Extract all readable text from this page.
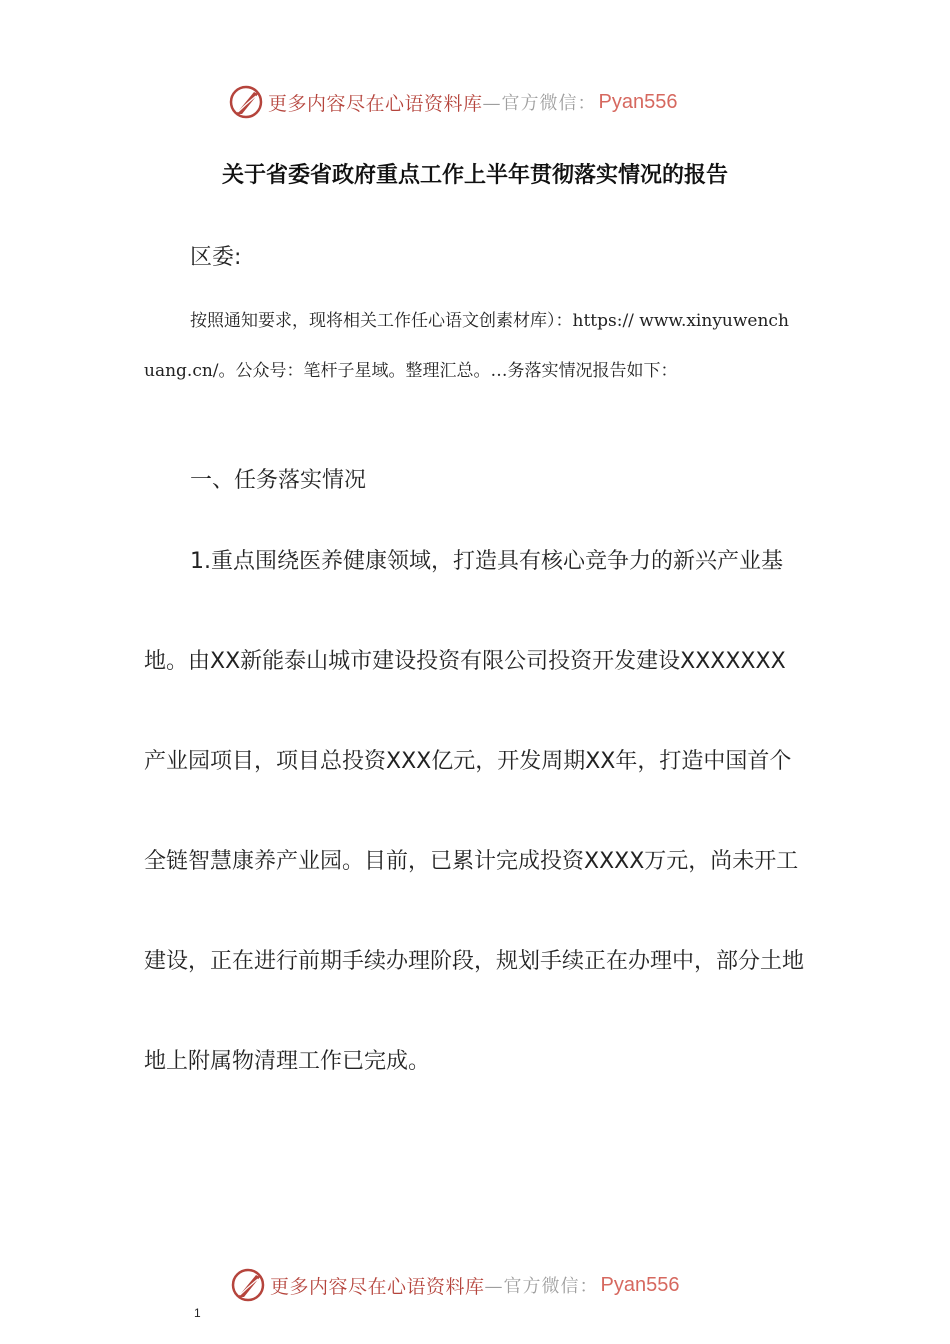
更多内容尽在心语资料库 —官方微信： Pyan556
关于省委省政府重点工作上半年贯彻落实情况的报告

区委:

按照通知要求，现将相关工作任心语文创素材库）：https:// www.xinyuwenchuang.cn/。公众号：笔杆子星域。整理汇总。…务落实情况报告如下：

一、任务落实情况

1.重点围绕医养健康领域，打造具有核心竞争力的新兴产业基地。由XX新能泰山城市建设投资有限公司投资开发建设XXXXXXX产业园项目，项目总投资XXX亿元，开发周期XX年，打造中国首个全链智慧康养产业园。目前，已累计完成投资XXXX万元，尚未开工建设，正在进行前期手续办理阶段，规划手续正在办理中，部分土地地上附属物清理工作已完成。

更多内容尽在心语资料库 —官方微信： Pyan556
1
